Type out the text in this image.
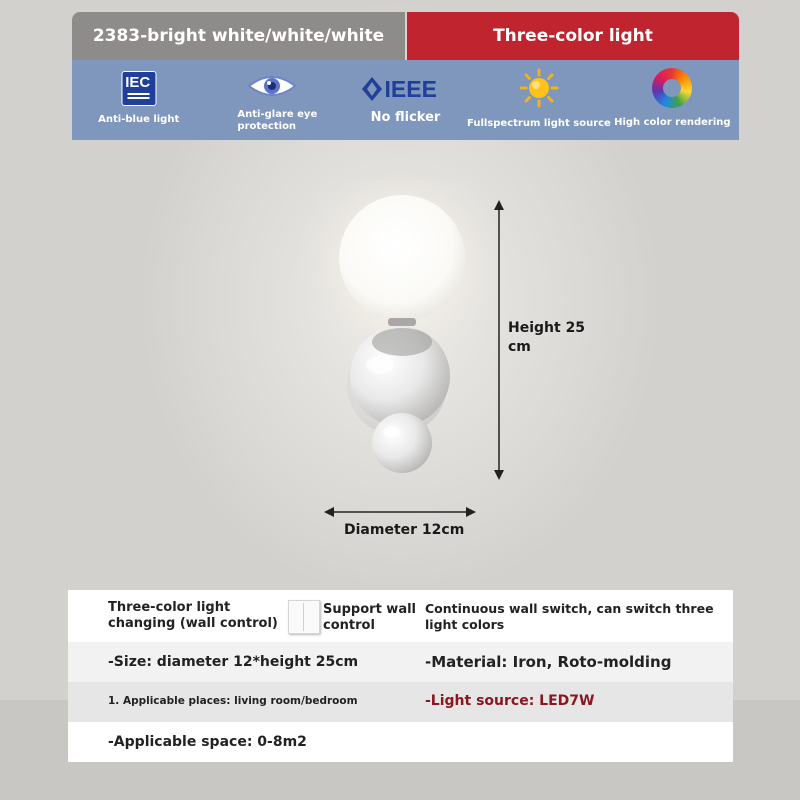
2383-bright white/white/white	Three-color light
IEC
Anti-blue light	Anti-glare eye protection
IEEE
No flicker	Fullspectrum light source High color rendering
Height 25 cm
Diameter 12cm
Three-color light changing (wall control)
Support wall control
Continuous wall switch, can switch three light colors
-Size: diameter 12*height 25cm	-Material: Iron, Roto-molding
1. Applicable places: living room/bedroom	-Light source: LED7W
-Applicable space: 0-8m2
